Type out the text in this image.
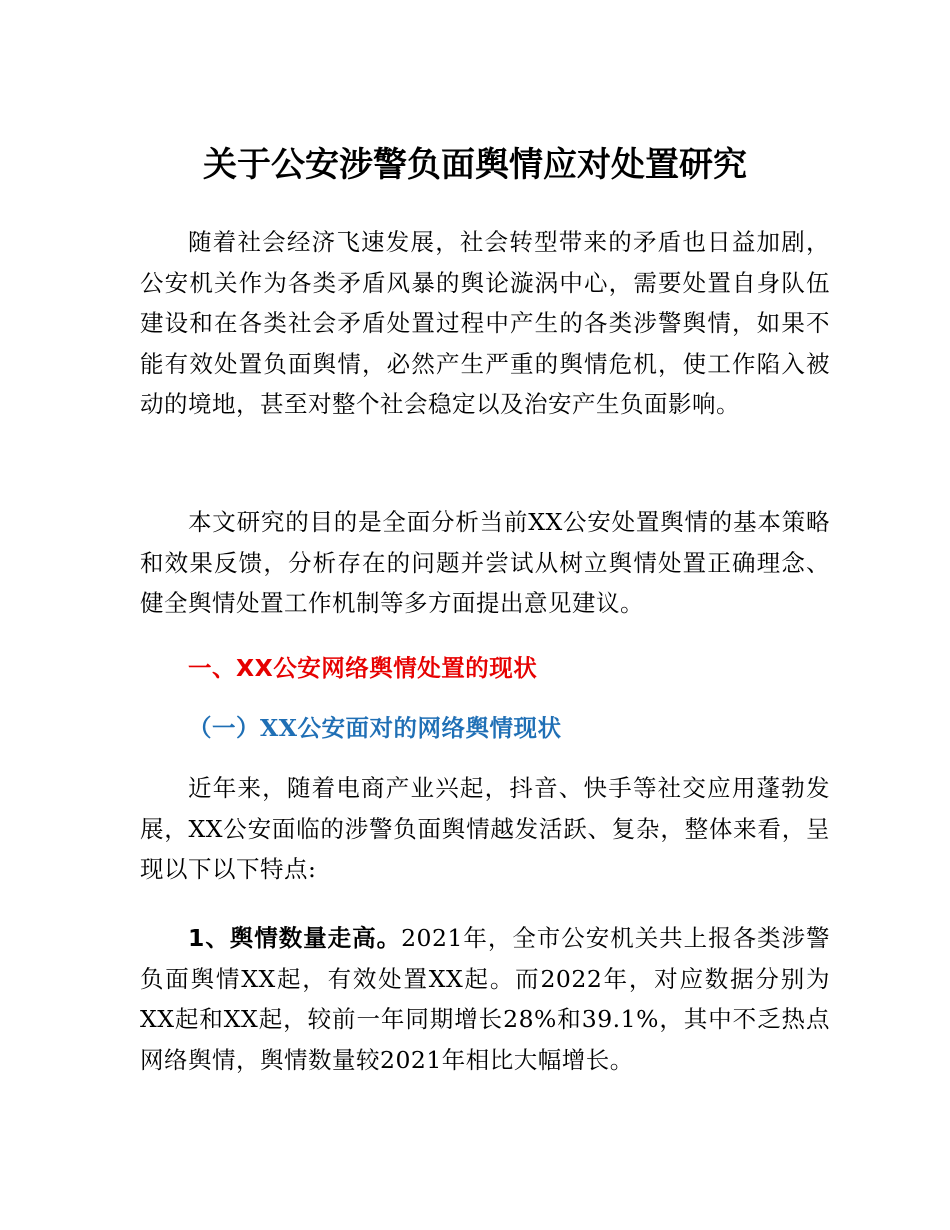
关于公安涉警负面舆情应对处置研究

随着社会经济飞速发展，社会转型带来的矛盾也日益加剧，公安机关作为各类矛盾风暴的舆论漩涡中心，需要处置自身队伍建设和在各类社会矛盾处置过程中产生的各类涉警舆情，如果不能有效处置负面舆情，必然产生严重的舆情危机，使工作陷入被动的境地，甚至对整个社会稳定以及治安产生负面影响。

本文研究的目的是全面分析当前XX公安处置舆情的基本策略和效果反馈，分析存在的问题并尝试从树立舆情处置正确理念、健全舆情处置工作机制等多方面提出意见建议。

一、XX公安网络舆情处置的现状
（一）XX公安面对的网络舆情现状

近年来，随着电商产业兴起，抖音、快手等社交应用蓬勃发展，XX公安面临的涉警负面舆情越发活跃、复杂，整体来看，呈现以下以下特点:

1、舆情数量走高。2021年，全市公安机关共上报各类涉警负面舆情XX起，有效处置XX起。而2022年，对应数据分别为XX起和XX起，较前一年同期增长28%和39.1%，其中不乏热点网络舆情，舆情数量较2021年相比大幅增长。
